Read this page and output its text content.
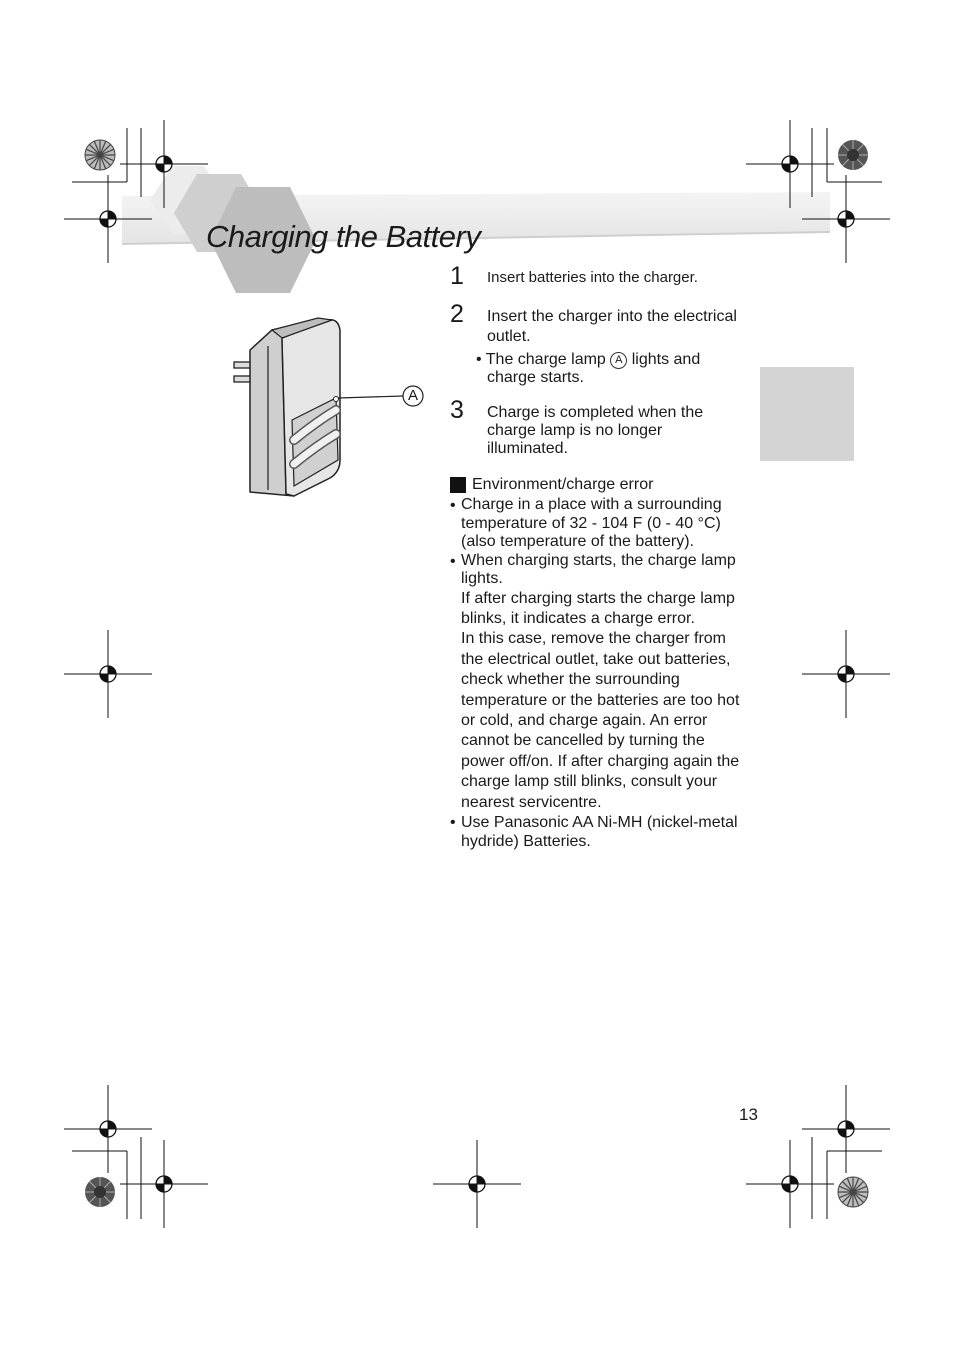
Charging the Battery
A
1 Insert batteries into the charger.
2 Insert the charger into the electrical outlet.
• The charge lamp A lights and
charge starts.
3 Charge is completed when the charge lamp is no longer illuminated.
Environment/charge error
• Charge in a place with a surrounding temperature of 32 - 104 F (0 - 40 °C) (also temperature of the battery).
• When charging starts, the charge lamp lights.
If after charging starts the charge lamp blinks, it indicates a charge error.
In this case, remove the charger from the electrical outlet, take out batteries, check whether the surrounding temperature or the batteries are too hot or cold, and charge again. An error cannot be cancelled by turning the power off/on. If after charging again the charge lamp still blinks, consult your nearest servicentre.
• Use Panasonic AA Ni-MH (nickel-metal hydride) Batteries.
13
